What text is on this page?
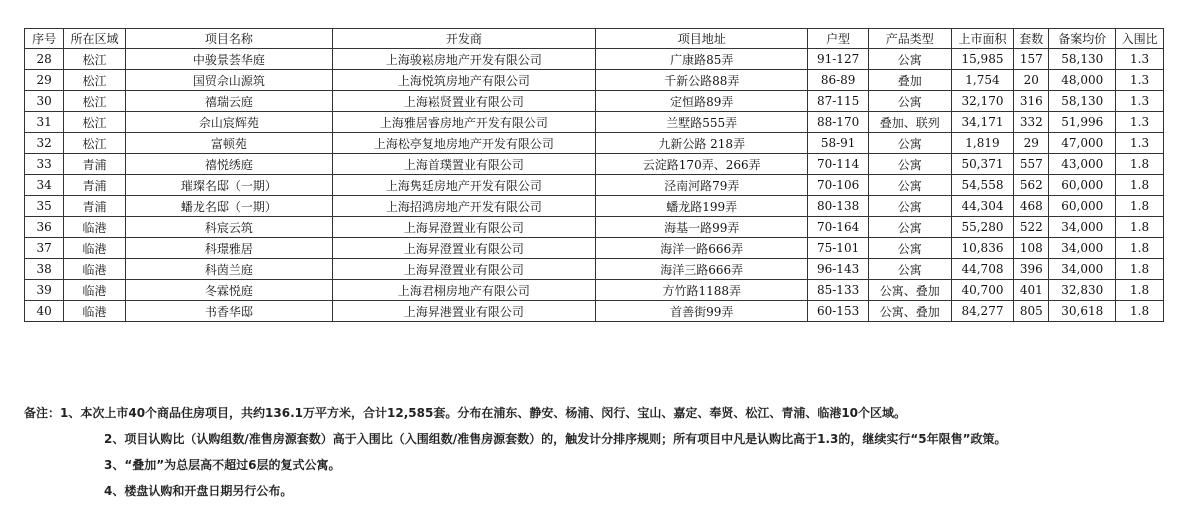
序号	所在区域	项目名称	开发商	项目地址	户型	产品类型	上市面积	套数	备案均价	入围比
28	松江	中骏景荟华庭	上海骏崧房地产开发有限公司	广康路85弄	91-127	公寓	15,985	157	58,130	1.3
29	松江	国贸佘山源筑	上海悦筑房地产有限公司	千新公路88弄	86-89	叠加	1,754	20	48,000	1.3
30	松江	禧瑞云庭	上海崧贤置业有限公司	定恒路89弄	87-115	公寓	32,170	316	58,130	1.3
31	松江	佘山宸辉苑	上海雅居睿房地产开发有限公司	兰墅路555弄	88-170	叠加、联列	34,171	332	51,996	1.3
32	松江	富顿苑	上海松亭复地房地产开发有限公司	九新公路 218弄	58-91	公寓	1,819	29	47,000	1.3
33	青浦	禧悦绣庭	上海首璞置业有限公司	云淀路170弄、266弄	70-114	公寓	50,371	557	43,000	1.8
34	青浦	璀璨名邸（一期）	上海隽廷房地产开发有限公司	泾南河路79弄	70-106	公寓	54,558	562	60,000	1.8
35	青浦	蟠龙名邸（一期）	上海招鸿房地产开发有限公司	蟠龙路199弄	80-138	公寓	44,304	468	60,000	1.8
36	临港	科宸云筑	上海昇澄置业有限公司	海基一路99弄	70-164	公寓	55,280	522	34,000	1.8
37	临港	科璟雅居	上海昇澄置业有限公司	海洋一路666弄	75-101	公寓	10,836	108	34,000	1.8
38	临港	科茵兰庭	上海昇澄置业有限公司	海洋三路666弄	96-143	公寓	44,708	396	34,000	1.8
39	临港	冬霖悦庭	上海君栩房地产有限公司	方竹路1188弄	85-133	公寓、叠加	40,700	401	32,830	1.8
40	临港	书香华邸	上海昇港置业有限公司	首善街99弄	60-153	公寓、叠加	84,277	805	30,618	1.8
备注：1、本次上市40个商品住房项目，共约136.1万平方米，合计12,585套。分布在浦东、静安、杨浦、闵行、宝山、嘉定、奉贤、松江、青浦、临港10个区域。
2、项目认购比（认购组数/准售房源套数）高于入围比（入围组数/准售房源套数）的，触发计分排序规则；所有项目中凡是认购比高于1.3的，继续实行“5年限售”政策。
3、“叠加”为总层高不超过6层的复式公寓。
4、楼盘认购和开盘日期另行公布。
